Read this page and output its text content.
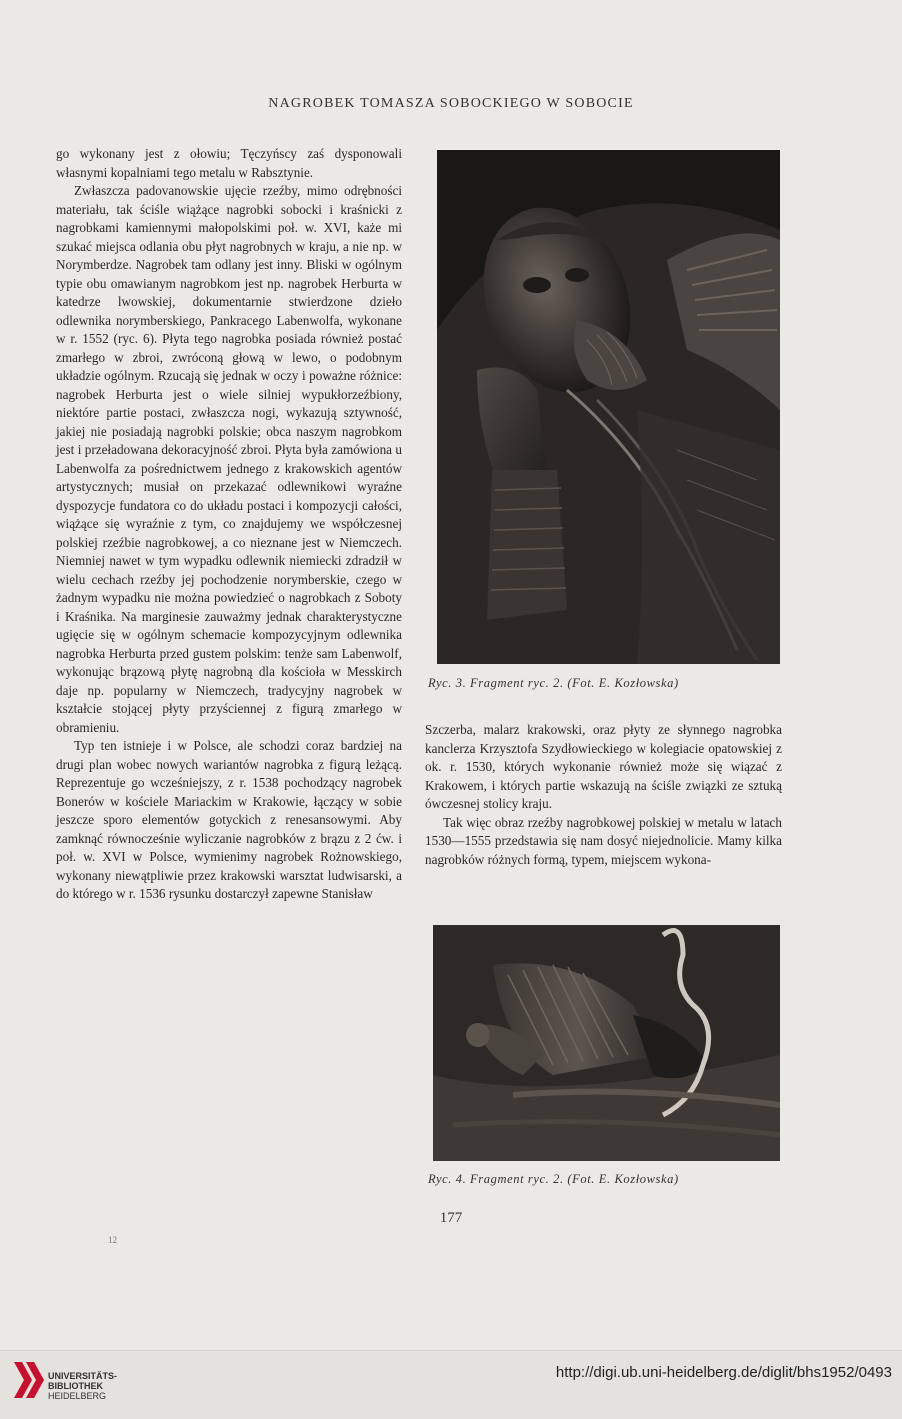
NAGROBEK TOMASZA SOBOCKIEGO W SOBOCIE

go wykonany jest z ołowiu; Tęczyńscy zaś dysponowali własnymi kopalniami tego metalu w Rabsztynie.

Zwłaszcza padovanowskie ujęcie rzeźby, mimo odrębności materiału, tak ściśle wiążące nagrobki sobocki i kraśnicki z nagrobkami kamiennymi małopolskimi poł. w. XVI, każe mi szukać miejsca odlania obu płyt nagrobnych w kraju, a nie np. w Norymberdze. Nagrobek tam odlany jest inny. Bliski w ogólnym typie obu omawianym nagrobkom jest np. nagrobek Herburta w katedrze lwowskiej, dokumentarnie stwierdzone dzieło odlewnika norymberskiego, Pankracego Labenwolfa, wykonane w r. 1552 (ryc. 6). Płyta tego nagrobka posiada również postać zmarłego w zbroi, zwróconą głową w lewo, o podobnym układzie ogólnym. Rzucają się jednak w oczy i poważne różnice: nagrobek Herburta jest o wiele silniej wypukłorzeźbiony, niektóre partie postaci, zwłaszcza nogi, wykazują sztywność, jakiej nie posiadają nagrobki polskie; obca naszym nagrobkom jest i przeładowana dekoracyjność zbroi. Płyta była zamówiona u Labenwolfa za pośrednictwem jednego z krakowskich agentów artystycznych; musiał on przekazać odlewnikowi wyraźne dyspozycje fundatora co do układu postaci i kompozycji całości, wiążące się wyraźnie z tym, co znajdujemy we współczesnej polskiej rzeźbie nagrobkowej, a co nieznane jest w Niemczech. Niemniej nawet w tym wypadku odlewnik niemiecki zdradził w wielu cechach rzeźby jej pochodzenie norymberskie, czego w żadnym wypadku nie można powiedzieć o nagrobkach z Soboty i Kraśnika. Na marginesie zauważmy jednak charakterystyczne ugięcie się w ogólnym schemacie kompozycyjnym odlewnika nagrobka Herburta przed gustem polskim: tenże sam Labenwolf, wykonując brązową płytę nagrobną dla kościoła w Messkirch daje np. popularny w Niemczech, tradycyjny nagrobek w kształcie stojącej płyty przyściennej z figurą zmarłego w obramieniu.

Typ ten istnieje i w Polsce, ale schodzi coraz bardziej na drugi plan wobec nowych wariantów nagrobka z figurą leżącą. Reprezentuje go wcześniejszy, z r. 1538 pochodzący nagrobek Bonerów w kościele Mariackim w Krakowie, łączący w sobie jeszcze sporo elementów gotyckich z renesansowymi. Aby zamknąć równocześnie wyliczanie nagrobków z brązu z 2 ćw. i poł. w. XVI w Polsce, wymienimy nagrobek Rożnowskiego, wykonany niewątpliwie przez krakowski warsztat ludwisarski, a do którego w r. 1536 rysunku dostarczył zapewne Stanisław

Ryc. 3. Fragment ryc. 2. (Fot. E. Kozłowska)

Szczerba, malarz krakowski, oraz płyty ze słynnego nagrobka kanclerza Krzysztofa Szydłowieckiego w kolegiacie opatowskiej z ok. r. 1530, których wykonanie również może się wiązać z Krakowem, i których partie wskazują na ściśle związki ze sztuką ówczesnej stolicy kraju.

Tak więc obraz rzeźby nagrobkowej polskiej w metalu w latach 1530—1555 przedstawia się nam dosyć niejednolicie. Mamy kilka nagrobków różnych formą, typem, miejscem wykona-

Ryc. 4. Fragment ryc. 2. (Fot. E. Kozłowska)
177
12
UNIVERSITÄTS-
BIBLIOTHEK
HEIDELBERG
http://digi.ub.uni-heidelberg.de/diglit/bhs1952/0493
